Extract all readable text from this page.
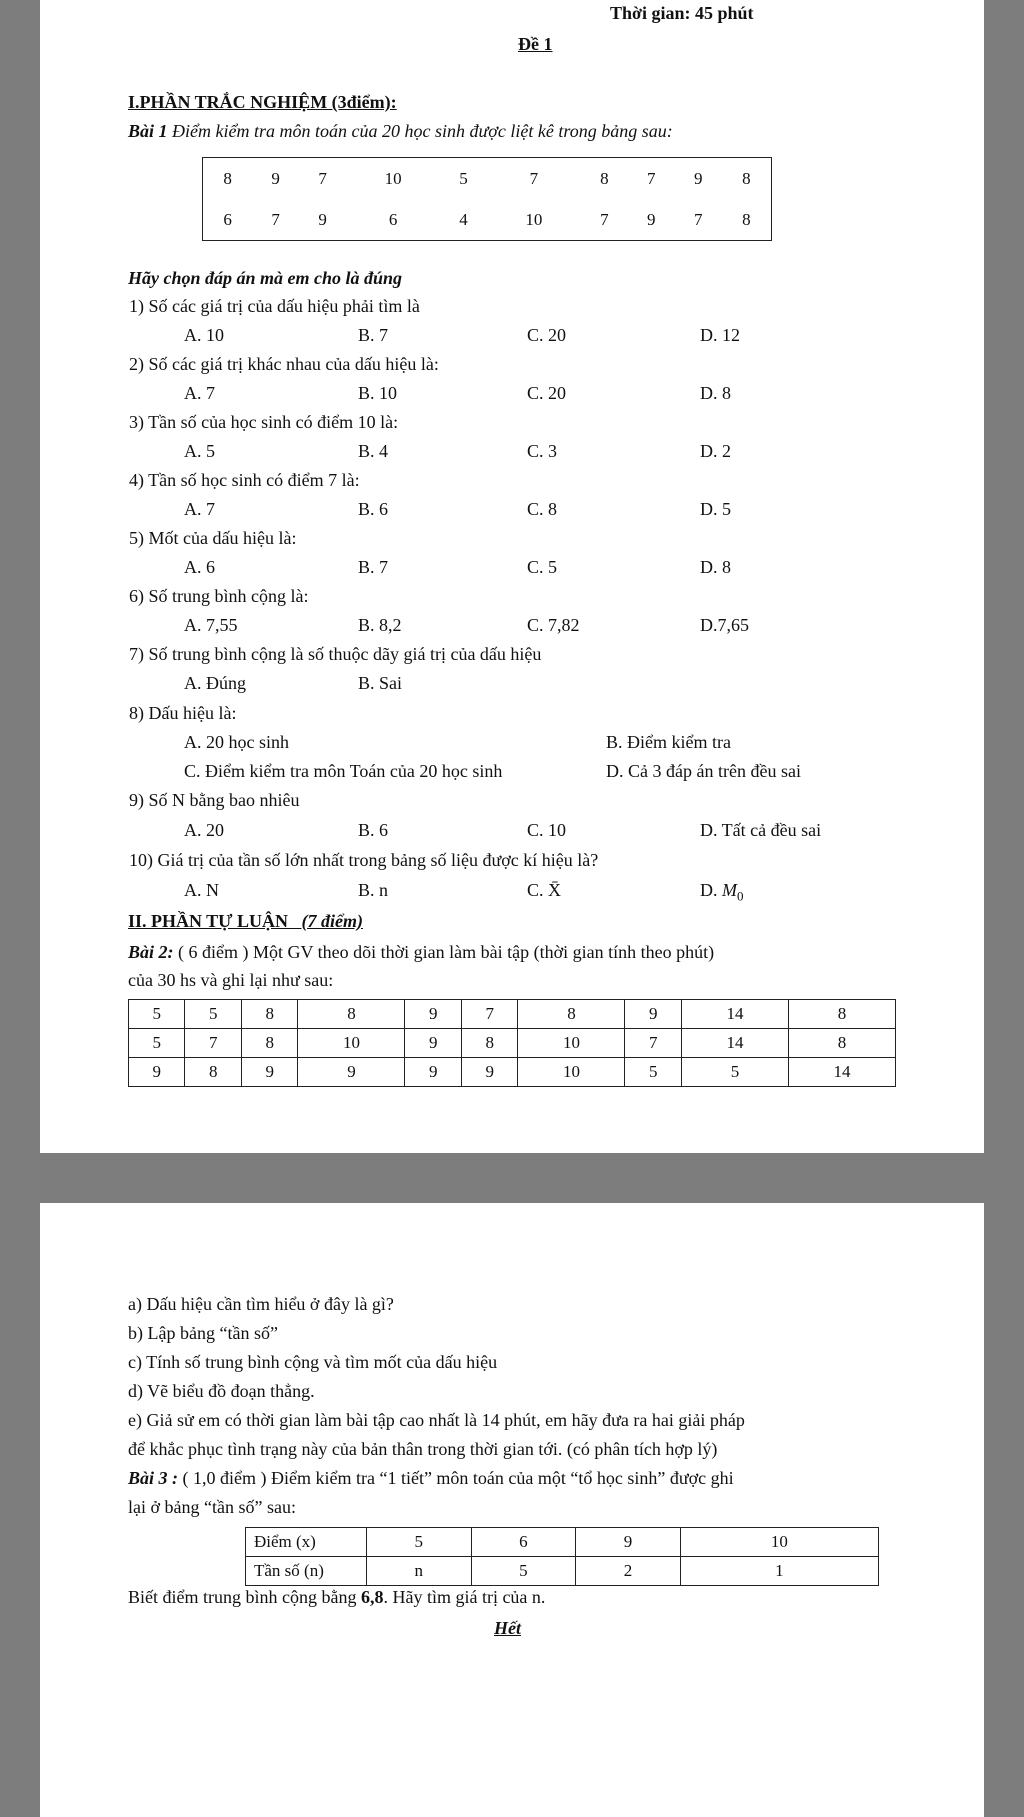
Thời gian: 45 phút
Đề 1
I.PHẦN TRẮC NGHIỆM (3điểm):
Bài 1 Điểm kiểm tra môn toán của 20 học sinh được liệt kê trong bảng sau:
8	9	7	10	5	7	8	7	9	8
6	7	9	6	4	10	7	9	7	8
Hãy chọn đáp án mà em cho là đúng
1) Số các giá trị của dấu hiệu phải tìm là
A. 10	B. 7	C. 20	D. 12
2) Số các giá trị khác nhau của dấu hiệu là:
A. 7	B. 10	C. 20	D. 8
3) Tần số của học sinh có điểm 10 là:
A. 5	B. 4	C. 3	D. 2
4) Tần số học sinh có điểm 7 là:
A. 7	B. 6	C. 8	D. 5
5) Mốt của dấu hiệu là:
A. 6	B. 7	C. 5	D. 8
6) Số trung bình cộng là:
A. 7,55	B. 8,2	C. 7,82	D.7,65
7) Số trung bình cộng là số thuộc dãy giá trị của dấu hiệu
A. Đúng	B. Sai
8) Dấu hiệu là:
A. 20 học sinh	B. Điểm kiểm tra
C. Điểm kiểm tra môn Toán của 20 học sinh	D. Cả 3 đáp án trên đều sai
9) Số N bằng bao nhiêu
A. 20	B. 6	C. 10	D. Tất cả đều sai
10) Giá trị của tần số lớn nhất trong bảng số liệu được kí hiệu là?
A. N	B. n	C. X̄	D. $M_0$
II. PHẦN TỰ LUẬN (7 điểm)
Bài 2: ( 6 điểm ) Một GV theo dõi thời gian làm bài tập (thời gian tính theo phút)
của 30 hs và ghi lại như sau:
5	5	8	8	9	7	8	9	14	8
5	7	8	10	9	8	10	7	14	8
9	8	9	9	9	9	10	5	5	14
a) Dấu hiệu cần tìm hiểu ở đây là gì?
b) Lập bảng “tần số”
c) Tính số trung bình cộng và tìm mốt của dấu hiệu
d) Vẽ biểu đồ đoạn thẳng.
e) Giả sử em có thời gian làm bài tập cao nhất là 14 phút, em hãy đưa ra hai giải pháp
để khắc phục tình trạng này của bản thân trong thời gian tới. (có phân tích hợp lý)
Bài 3 : ( 1,0 điểm ) Điểm kiểm tra “1 tiết” môn toán của một “tổ học sinh” được ghi
lại ở bảng “tần số” sau:
Điểm (x)	5	6	9	10
Tần số (n)	n	5	2	1
Biết điểm trung bình cộng bằng 6,8. Hãy tìm giá trị của n.
Hết
